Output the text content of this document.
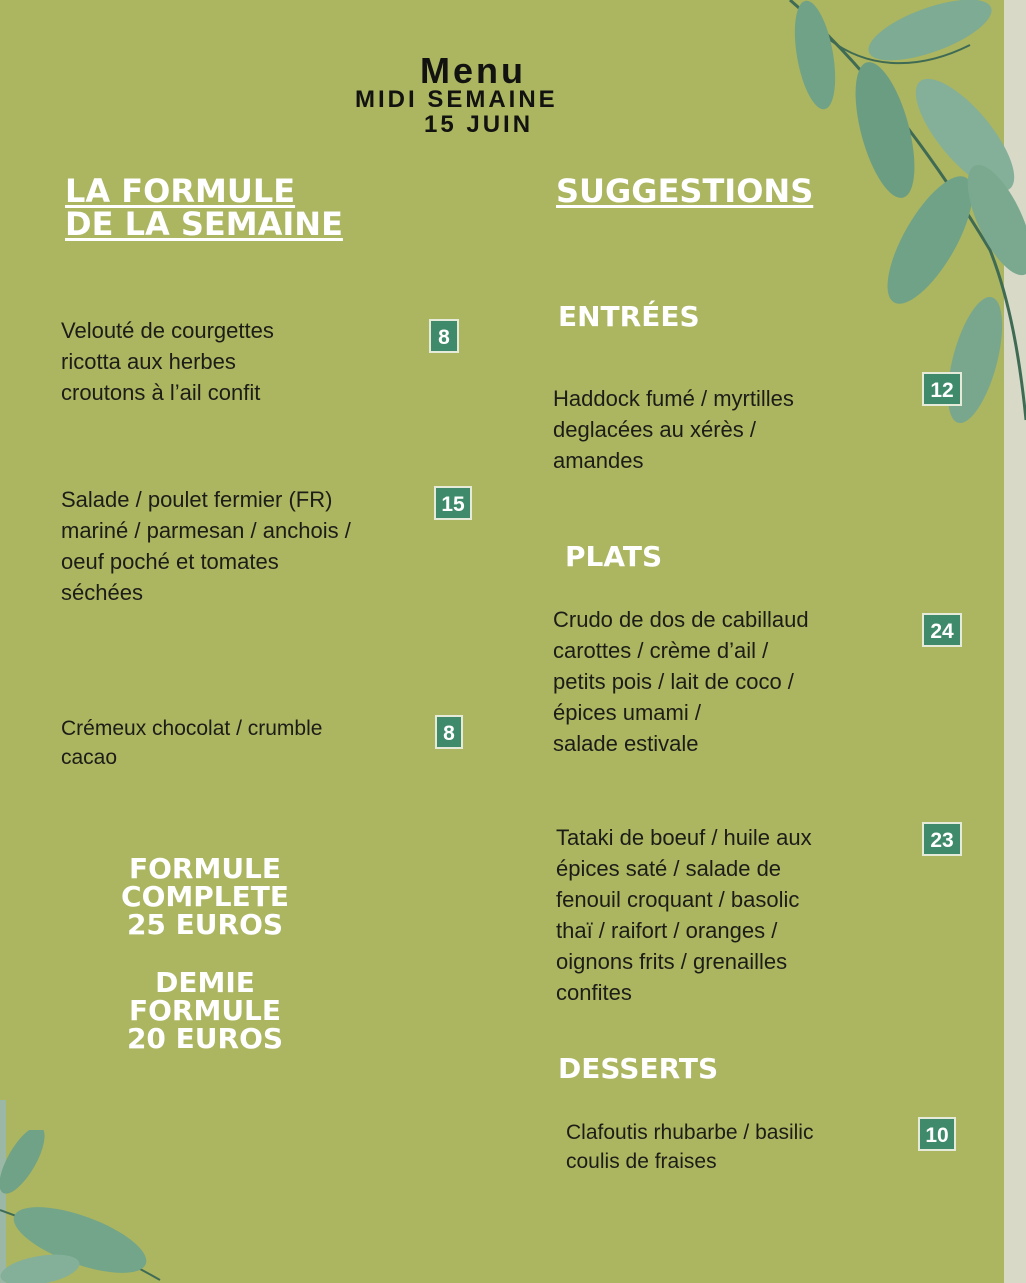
Menu
MIDI SEMAINE
15 JUIN
LA FORMULE
DE LA SEMAINE
Velouté de courgettes
ricotta aux herbes
croutons à l’ail confit
8
Salade / poulet fermier (FR)
mariné / parmesan / anchois /
oeuf poché et tomates
séchées
15
Crémeux chocolat / crumble
cacao
8
FORMULE
COMPLETE
25 EUROS
DEMIE
FORMULE
20 EUROS
SUGGESTIONS
ENTRÉES
Haddock fumé / myrtilles
deglacées au xérès /
amandes
12
PLATS
Crudo de dos de cabillaud
carottes / crème d’ail /
petits pois / lait de coco /
épices umami /
salade estivale
24
Tataki de boeuf / huile aux
épices saté / salade de
fenouil croquant / basolic
thaï / raifort / oranges /
oignons frits / grenailles
confites
23
DESSERTS
Clafoutis rhubarbe / basilic
coulis de fraises
10
